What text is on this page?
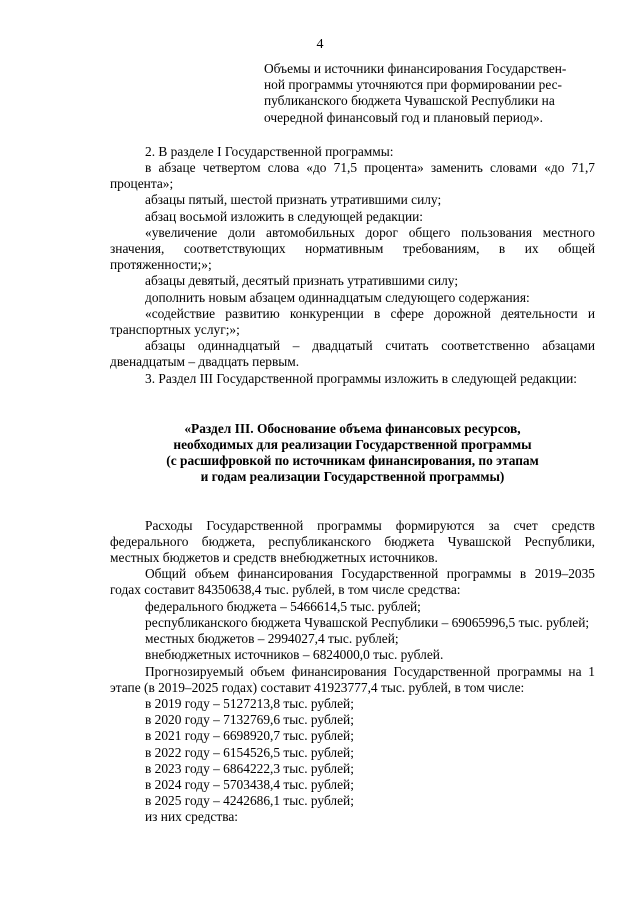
4
Объемы и источники финансирования Государствен-
ной программы уточняются при формировании рес-
публиканского бюджета Чувашской Республики на
очередной финансовый год и плановый период».

2. В разделе I Государственной программы:

в абзаце четвертом слова «до 71,5 процента» заменить словами «до 71,7 процента»;

абзацы пятый, шестой признать утратившими силу;

абзац восьмой изложить в следующей редакции:

«увеличение доли автомобильных дорог общего пользования местного значения, соответствующих нормативным требованиям, в их общей протяженности;»;

абзацы девятый, десятый признать утратившими силу;

дополнить новым абзацем одиннадцатым следующего содержания:

«содействие развитию конкуренции в сфере дорожной деятельности и транспортных услуг;»;

абзацы одиннадцатый – двадцатый считать соответственно абзацами двенадцатым – двадцать первым.

3. Раздел III Государственной программы изложить в следующей редакции:

«Раздел III. Обоснование объема финансовых ресурсов,
необходимых для реализации Государственной программы
(с расшифровкой по источникам финансирования, по этапам
и годам реализации Государственной программы)

Расходы Государственной программы формируются за счет средств федерального бюджета, республиканского бюджета Чувашской Республики, местных бюджетов и средств внебюджетных источников.

Общий объем финансирования Государственной программы в 2019–2035 годах составит 84350638,4 тыс. рублей, в том числе средства:

федерального бюджета – 5466614,5 тыс. рублей;

республиканского бюджета Чувашской Республики – 69065996,5 тыс. рублей;

местных бюджетов – 2994027,4 тыс. рублей;

внебюджетных источников – 6824000,0 тыс. рублей.

Прогнозируемый объем финансирования Государственной программы на 1 этапе (в 2019–2025 годах) составит 41923777,4 тыс. рублей, в том числе:

в 2019 году – 5127213,8 тыс. рублей;

в 2020 году – 7132769,6 тыс. рублей;

в 2021 году – 6698920,7 тыс. рублей;

в 2022 году – 6154526,5 тыс. рублей;

в 2023 году – 6864222,3 тыс. рублей;

в 2024 году – 5703438,4 тыс. рублей;

в 2025 году – 4242686,1 тыс. рублей;

из них средства:
